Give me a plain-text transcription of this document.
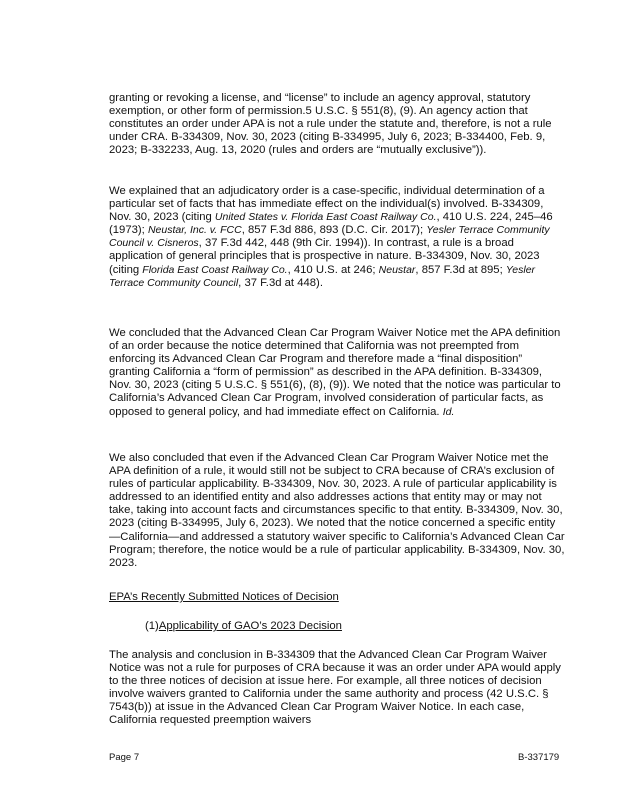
granting or revoking a license, and “license” to include an agency approval, statutory exemption, or other form of permission.5 U.S.C. § 551(8), (9). An agency action that constitutes an order under APA is not a rule under the statute and, therefore, is not a rule under CRA. B-334309, Nov. 30, 2023 (citing B-334995, July 6, 2023; B-334400, Feb. 9, 2023; B-332233, Aug. 13, 2020 (rules and orders are “mutually exclusive”)).

We explained that an adjudicatory order is a case-specific, individual determination of a particular set of facts that has immediate effect on the individual(s) involved. B-334309, Nov. 30, 2023 (citing United States v. Florida East Coast Railway Co., 410 U.S. 224, 245–46 (1973); Neustar, Inc. v. FCC, 857 F.3d 886, 893 (D.C. Cir. 2017); Yesler Terrace Community Council v. Cisneros, 37 F.3d 442, 448 (9th Cir. 1994)). In contrast, a rule is a broad application of general principles that is prospective in nature. B-334309, Nov. 30, 2023 (citing Florida East Coast Railway Co., 410 U.S. at 246; Neustar, 857 F.3d at 895; Yesler Terrace Community Council, 37 F.3d at 448).

We concluded that the Advanced Clean Car Program Waiver Notice met the APA definition of an order because the notice determined that California was not preempted from enforcing its Advanced Clean Car Program and therefore made a “final disposition” granting California a “form of permission” as described in the APA definition. B-334309, Nov. 30, 2023 (citing 5 U.S.C. § 551(6), (8), (9)). We noted that the notice was particular to California’s Advanced Clean Car Program, involved consideration of particular facts, as opposed to general policy, and had immediate effect on California. Id.

We also concluded that even if the Advanced Clean Car Program Waiver Notice met the APA definition of a rule, it would still not be subject to CRA because of CRA’s exclusion of rules of particular applicability. B-334309, Nov. 30, 2023. A rule of particular applicability is addressed to an identified entity and also addresses actions that entity may or may not take, taking into account facts and circumstances specific to that entity. B-334309, Nov. 30, 2023 (citing B-334995, July 6, 2023). We noted that the notice concerned a specific entity—California—and addressed a statutory waiver specific to California’s Advanced Clean Car Program; therefore, the notice would be a rule of particular applicability. B-334309, Nov. 30, 2023.

EPA’s Recently Submitted Notices of Decision

(1)Applicability of GAO’s 2023 Decision

The analysis and conclusion in B-334309 that the Advanced Clean Car Program Waiver Notice was not a rule for purposes of CRA because it was an order under APA would apply to the three notices of decision at issue here. For example, all three notices of decision involve waivers granted to California under the same authority and process (42 U.S.C. § 7543(b)) at issue in the Advanced Clean Car Program Waiver Notice. In each case, California requested preemption waivers

Page 7	B-337179
